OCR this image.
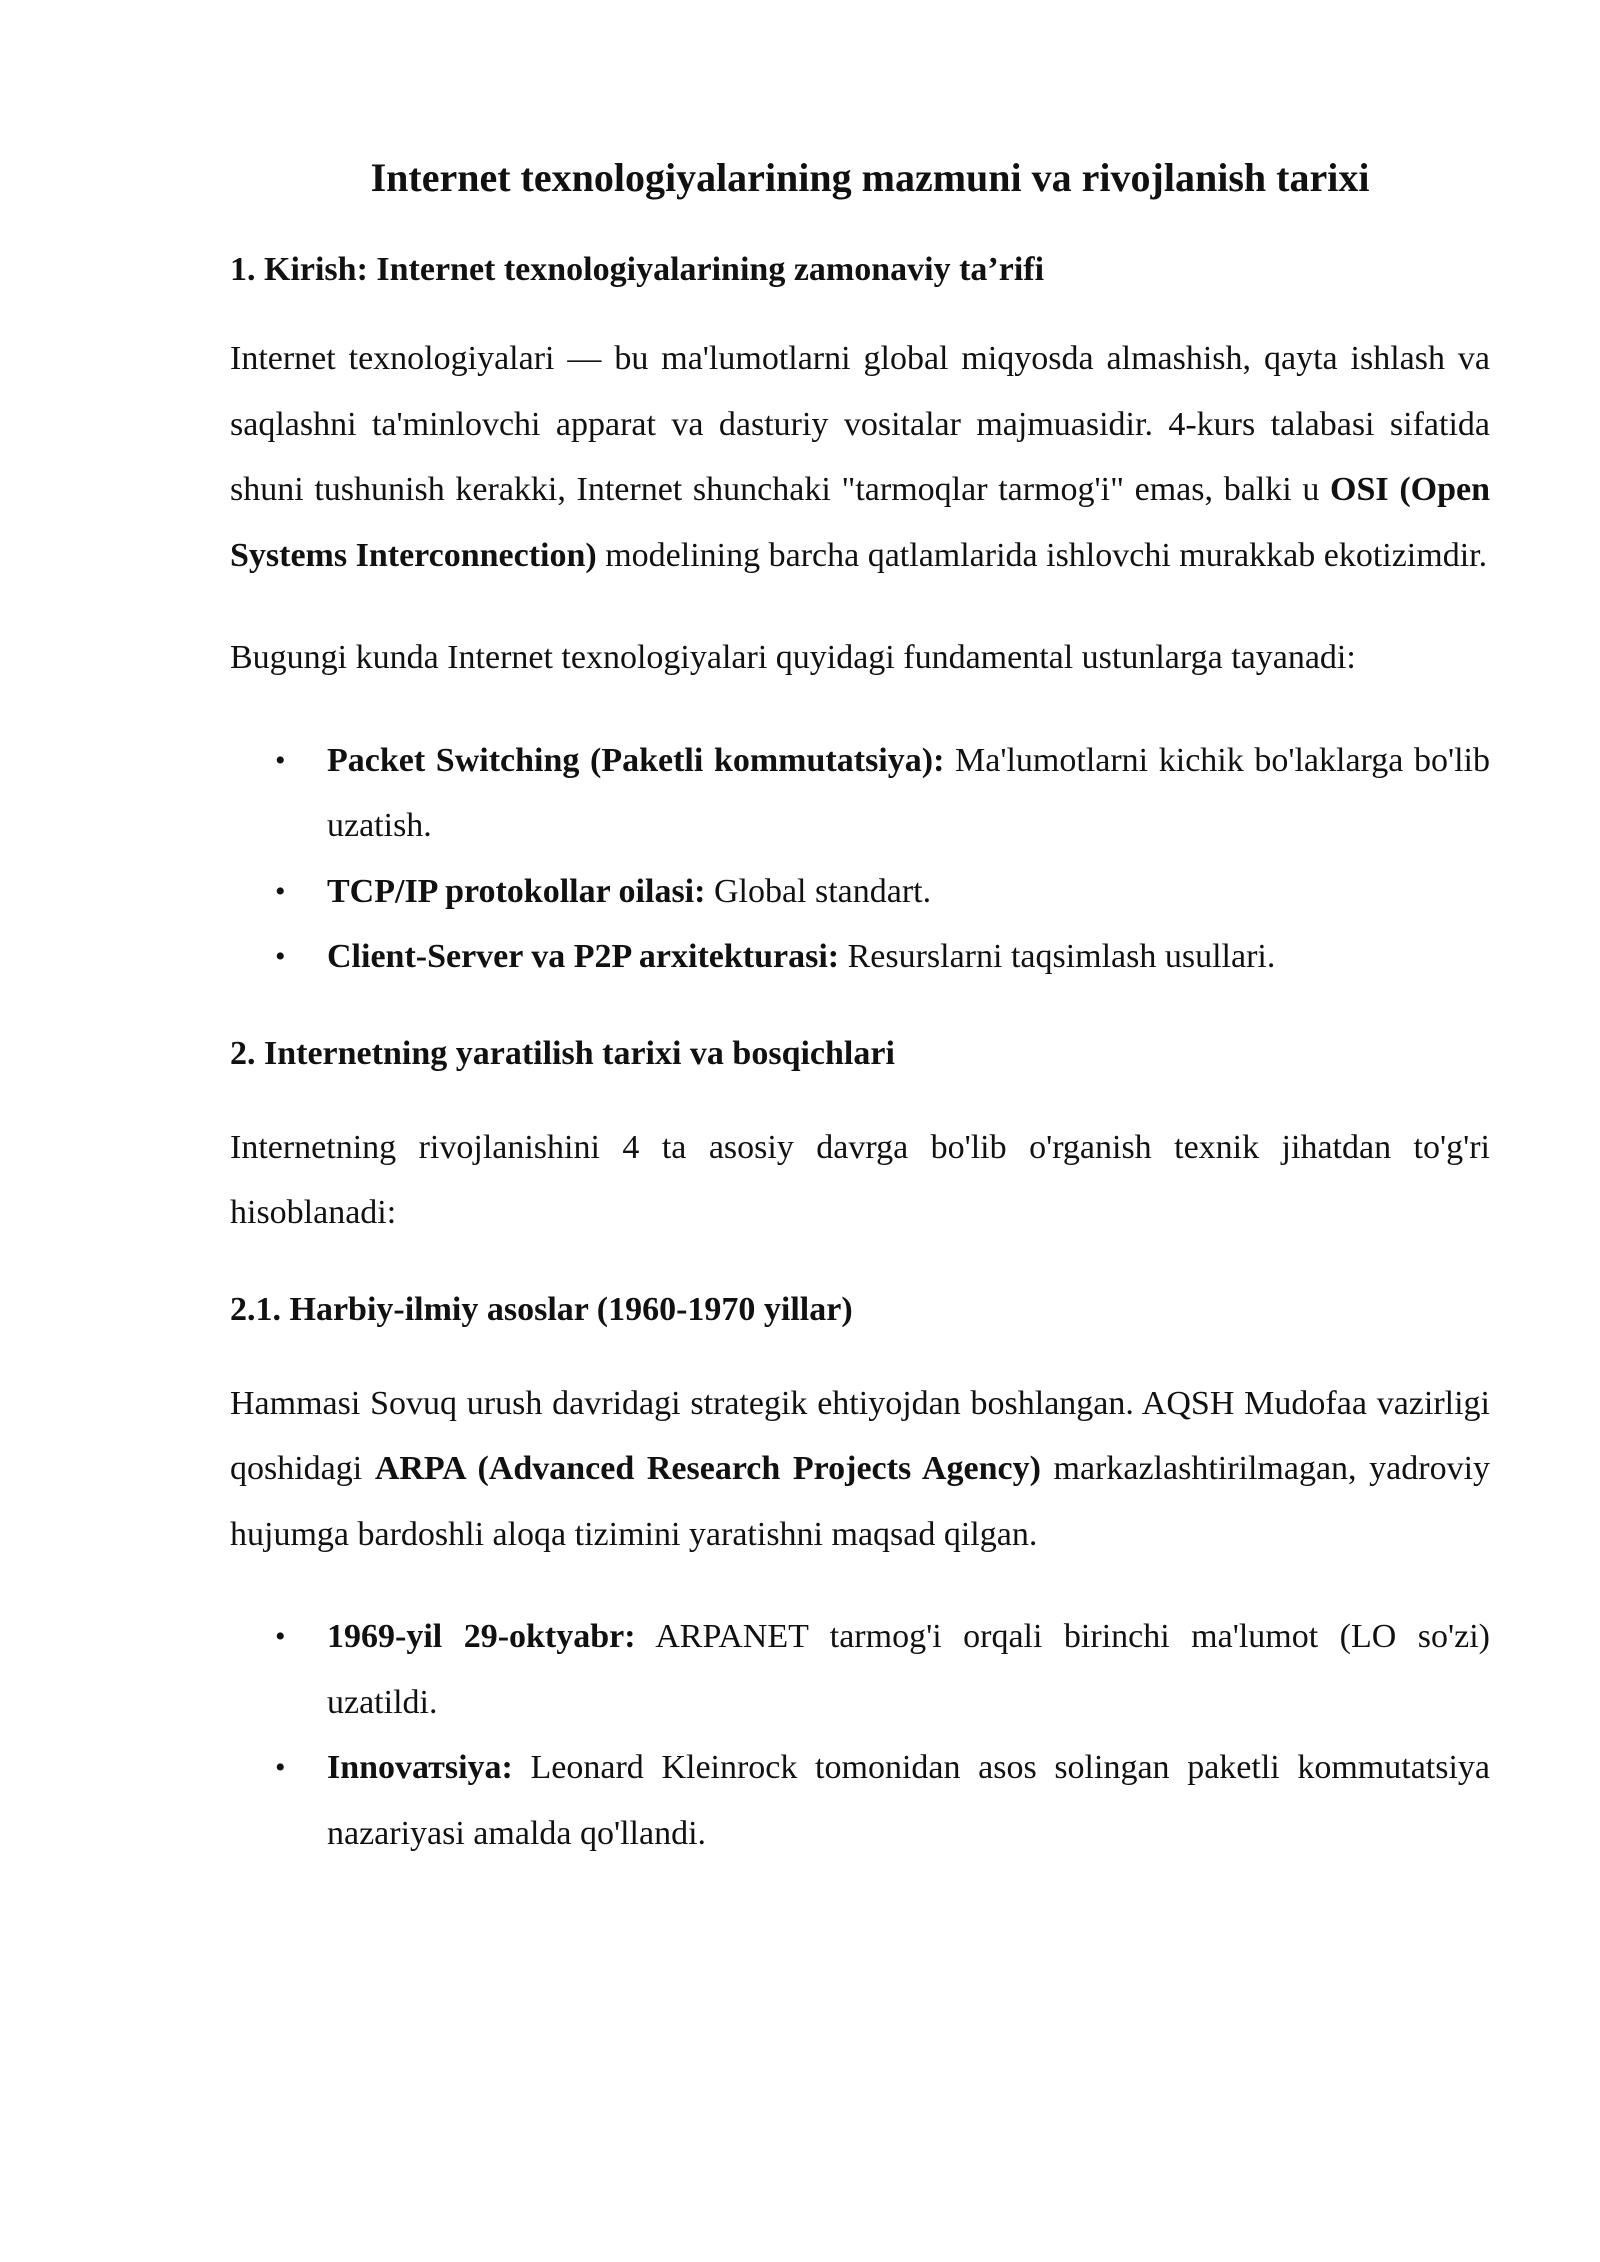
Internet texnologiyalarining mazmuni va rivojlanish tarixi
1. Kirish: Internet texnologiyalarining zamonaviy ta’rifi

Internet texnologiyalari — bu ma'lumotlarni global miqyosda almashish, qayta ishlash va saqlashni ta'minlovchi apparat va dasturiy vositalar majmuasidir. 4-kurs talabasi sifatida shuni tushunish kerakki, Internet shunchaki "tarmoqlar tarmog'i" emas, balki u OSI (Open Systems Interconnection) modelining barcha qatlamlarida ishlovchi murakkab ekotizimdir.

Bugungi kunda Internet texnologiyalari quyidagi fundamental ustunlarga tayanadi:

• Packet Switching (Paketli kommutatsiya): Ma'lumotlarni kichik bo'laklarga bo'lib uzatish.
• TCP/IP protokollar oilasi: Global standart.
• Client-Server va P2P arxitekturasi: Resurslarni taqsimlash usullari.
2. Internetning yaratilish tarixi va bosqichlari

Internetning rivojlanishini 4 ta asosiy davrga bo'lib o'rganish texnik jihatdan to'g'ri hisoblanadi:

2.1. Harbiy-ilmiy asoslar (1960-1970 yillar)

Hammasi Sovuq urush davridagi strategik ehtiyojdan boshlangan. AQSH Mudofaa vazirligi qoshidagi ARPA (Advanced Research Projects Agency) markazlashtirilmagan, yadroviy hujumga bardoshli aloqa tizimini yaratishni maqsad qilgan.

• 1969-yil 29-oktyabr: ARPANET tarmog'i orqali birinchi ma'lumot (LO so'zi) uzatildi.
• Innovатsiya: Leonard Kleinrock tomonidan asos solingan paketli kommutatsiya nazariyasi amalda qo'llandi.
